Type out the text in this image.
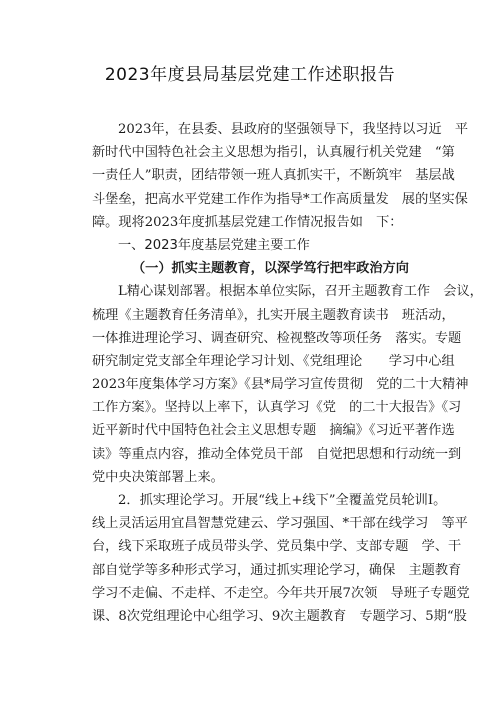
2023年度县局基层党建工作述职报告
2023年，在县委、县政府的坚强领导下，我坚持以习近　平
新时代中国特色社会主义思想为指引，认真履行机关党建　“第
一责任人”职责，团结带领一班人真抓实干，不断筑牢　基层战
斗堡垒，把高水平党建工作作为指导*工作高质量发　展的坚实保
障。现将2023年度抓基层党建工作情况报告如　下：
一、2023年度基层党建主要工作
（一）抓实主题教育，以深学笃行把牢政治方向
L精心谋划部署。根据本单位实际，召开主题教育工作　会议，
梳理《主题教育任务清单》，扎实开展主题教育读书　班活动，
一体推进理论学习、调查研究、检视整改等项任务　落实。专题
研究制定党支部全年理论学习计划、《党组理论　　学习中心组
2023年度集体学习方案》《县*局学习宣传贯彻　党的二十大精神
工作方案》。坚持以上率下，认真学习《党　的二十大报告》《习
近平新时代中国特色社会主义思想专题　摘编》《习近平著作选
读》等重点内容，推动全体党员干部　自觉把思想和行动统一到
党中央决策部署上来。
2．抓实理论学习。开展“线上+线下”全覆盖党员轮训I。
线上灵活运用宜昌智慧党建云、学习强国、*干部在线学习　等平
台，线下采取班子成员带头学、党员集中学、支部专题　学、干
部自觉学等多种形式学习，通过抓实理论学习，确保　主题教育
学习不走偏、不走样、不走空。今年共开展7次领　导班子专题党
课、8次党组理论中心组学习、9次主题教育　专题学习、5期“股
